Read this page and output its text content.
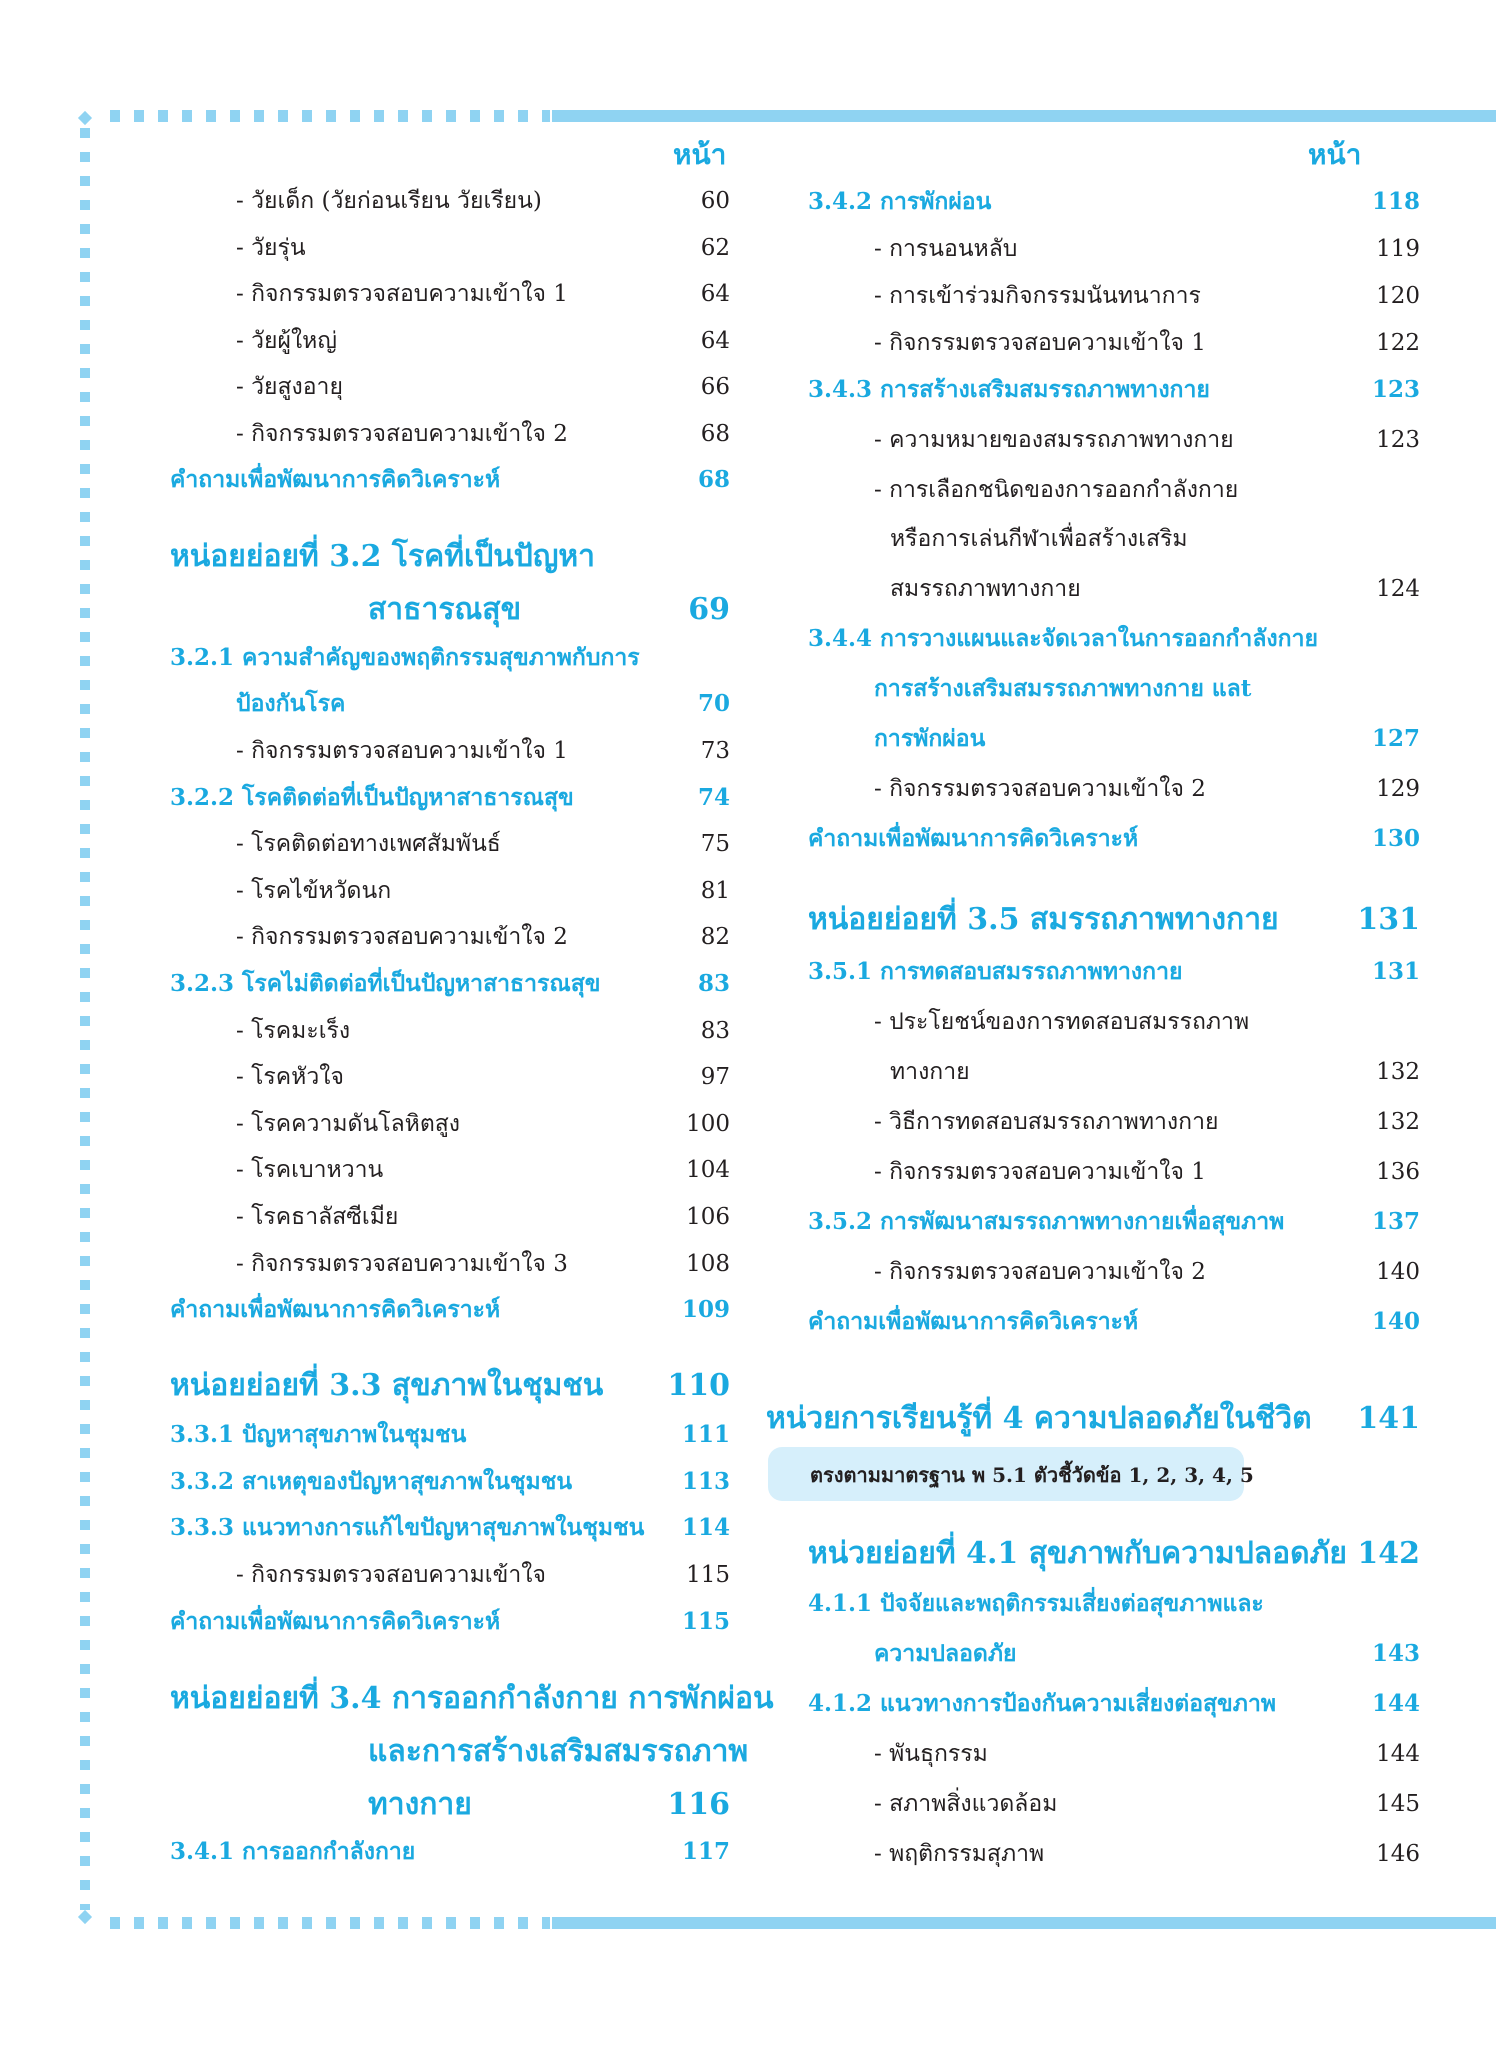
หน้า
- วัยเด็ก (วัยก่อนเรียน วัยเรียน)	60
- วัยรุ่น	62
- กิจกรรมตรวจสอบความเข้าใจ 1	64
- วัยผู้ใหญ่	64
- วัยสูงอายุ	66
- กิจกรรมตรวจสอบความเข้าใจ 2	68
คำถามเพื่อพัฒนาการคิดวิเคราะห์	68
หน่อยย่อยที่ 3.2 โรคที่เป็นปัญหา
สาธารณสุข	69
3.2.1 ความสำคัญของพฤติกรรมสุขภาพกับการ
ป้องกันโรค	70
- กิจกรรมตรวจสอบความเข้าใจ 1	73
3.2.2 โรคติดต่อที่เป็นปัญหาสาธารณสุข	74
- โรคติดต่อทางเพศสัมพันธ์	75
- โรคไข้หวัดนก	81
- กิจกรรมตรวจสอบความเข้าใจ 2	82
3.2.3 โรคไม่ติดต่อที่เป็นปัญหาสาธารณสุข	83
- โรคมะเร็ง	83
- โรคหัวใจ	97
- โรคความดันโลหิตสูง	100
- โรคเบาหวาน	104
- โรคธาลัสซีเมีย	106
- กิจกรรมตรวจสอบความเข้าใจ 3	108
คำถามเพื่อพัฒนาการคิดวิเคราะห์	109
หน่อยย่อยที่ 3.3 สุขภาพในชุมชน 110
3.3.1 ปัญหาสุขภาพในชุมชน	111
3.3.2 สาเหตุของปัญหาสุขภาพในชุมชน	113
3.3.3 แนวทางการแก้ไขปัญหาสุขภาพในชุมชน 114
- กิจกรรมตรวจสอบความเข้าใจ	115
คำถามเพื่อพัฒนาการคิดวิเคราะห์	115
หน่อยย่อยที่ 3.4 การออกกำลังกาย การพักผ่อน
และการสร้างเสริมสมรรถภาพ
ทางกาย	116
3.4.1 การออกกำลังกาย	117
หน้า
3.4.2 การพักผ่อน	118
- การนอนหลับ	119
- การเข้าร่วมกิจกรรมนันทนาการ	120
- กิจกรรมตรวจสอบความเข้าใจ 1	122
3.4.3 การสร้างเสริมสมรรถภาพทางกาย	123
- ความหมายของสมรรถภาพทางกาย	123
- การเลือกชนิดของการออกกำลังกาย
หรือการเล่นกีฬาเพื่อสร้างเสริม
สมรรถภาพทางกาย	124
3.4.4 การวางแผนและจัดเวลาในการออกกำลังกาย
การสร้างเสริมสมรรถภาพทางกาย แลt
การพักผ่อน	127
- กิจกรรมตรวจสอบความเข้าใจ 2	129
คำถามเพื่อพัฒนาการคิดวิเคราะห์	130
หน่อยย่อยที่ 3.5 สมรรถภาพทางกาย	131
3.5.1 การทดสอบสมรรถภาพทางกาย	131
- ประโยชน์ของการทดสอบสมรรถภาพ
ทางกาย	132
- วิธีการทดสอบสมรรถภาพทางกาย	132
- กิจกรรมตรวจสอบความเข้าใจ 1	136
3.5.2 การพัฒนาสมรรถภาพทางกายเพื่อสุขภาพ	137
- กิจกรรมตรวจสอบความเข้าใจ 2	140
คำถามเพื่อพัฒนาการคิดวิเคราะห์	140
หน่วยการเรียนรู้ที่ 4 ความปลอดภัยในชีวิต 141
ตรงตามมาตรฐาน พ 5.1 ตัวชี้วัดข้อ 1, 2, 3, 4, 5
หน่วยย่อยที่ 4.1 สุขภาพกับความปลอดภัย 142
4.1.1 ปัจจัยและพฤติกรรมเสี่ยงต่อสุขภาพและ
ความปลอดภัย	143
4.1.2 แนวทางการป้องกันความเสี่ยงต่อสุขภาพ	144
- พันธุกรรม	144
- สภาพสิ่งแวดล้อม	145
- พฤติกรรมสุภาพ	146
